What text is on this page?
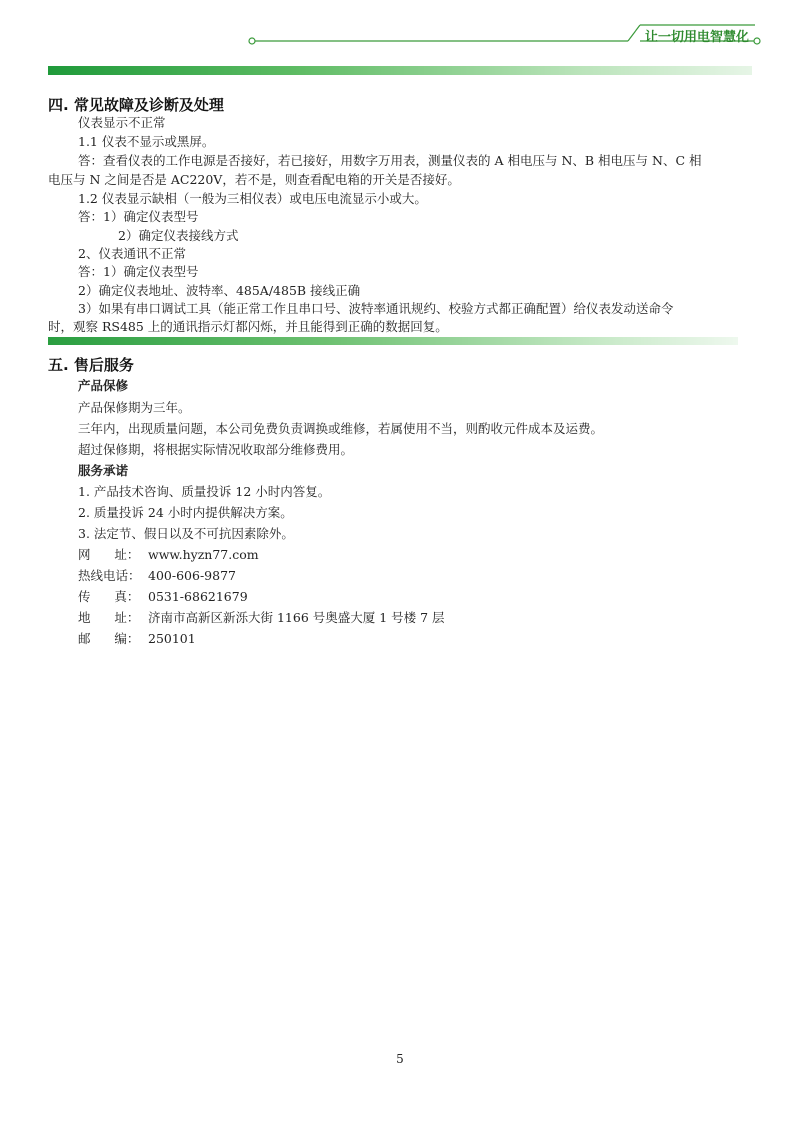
让一切用电智慧化
四. 常见故障及诊断及处理
仪表显示不正常
1.1 仪表不显示或黑屏。
答：查看仪表的工作电源是否接好，若已接好，用数字万用表，测量仪表的 A 相电压与 N、B 相电压与 N、C 相
电压与 N 之间是否是 AC220V，若不是，则查看配电箱的开关是否接好。
1.2 仪表显示缺相（一般为三相仪表）或电压电流显示小或大。
答：1）确定仪表型号
2）确定仪表接线方式
2、仪表通讯不正常
答：1）确定仪表型号
2）确定仪表地址、波特率、485A/485B 接线正确
3）如果有串口调试工具（能正常工作且串口号、波特率通讯规约、校验方式都正确配置）给仪表发动送命令
时，观察 RS485 上的通讯指示灯都闪烁，并且能得到正确的数据回复。
五. 售后服务
产品保修
产品保修期为三年。
三年内，出现质量问题，本公司免费负责调换或维修，若属使用不当，则酌收元件成本及运费。
超过保修期，将根据实际情况收取部分维修费用。
服务承诺
1. 产品技术咨询、质量投诉 12 小时内答复。
2. 质量投诉 24 小时内提供解决方案。
3. 法定节、假日以及不可抗因素除外。
网      址： www.hyzn77.com
热线电话： 400-606-9877
传      真： 0531-68621679
地      址： 济南市高新区新泺大街 1166 号奥盛大厦 1 号楼 7 层
邮      编： 250101
5
